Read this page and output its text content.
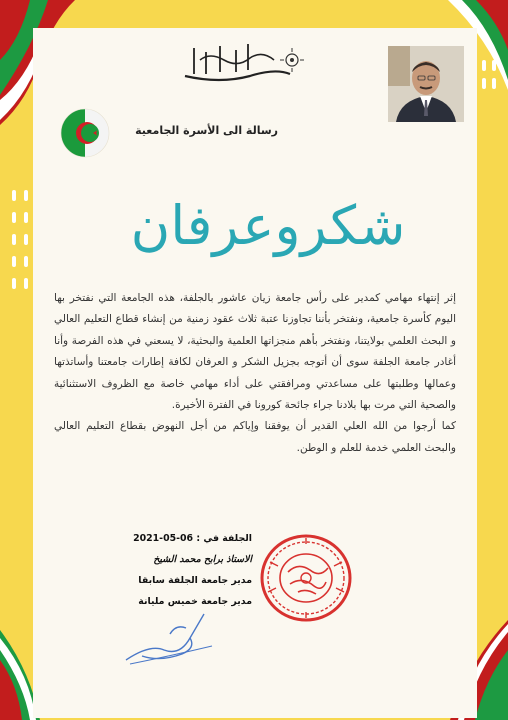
رسالة الى الأسرة الجامعية
شكروعرفان

إثر إنتهاء مهامي كمدير على رأس جامعة زيان عاشور بالجلفة، هذه الجامعة التي نفتخر بها اليوم كأسرة جامعية، ونفتخر بأننا تجاوزنا عتبة ثلاث عقود زمنية من إنشاء قطاع التعليم العالي و البحث العلمي بولايتنا، ونفتخر بأهم منجزاتها العلمية والبحثية، لا يسعني في هذه الفرصة وأنا أغادر جامعة الجلفة سوى أن أتوجه بجزيل الشكر و العرفان لكافة إطارات جامعتنا وأساتذتها وعمالها وطلبتها على مساعدتي ومرافقتي على أداء مهامي خاصة مع الظروف الاستثنائية والصحية التي مرت بها بلادنا جراء جائحة كورونا في الفترة الأخيرة.

كما أرجوا من الله العلي القدير أن يوفقنا وإياكم من أجل النهوض بقطاع التعليم العالي والبحث العلمي خدمة للعلم و الوطن.

الجلفة في : 06-05-2021
الاستاذ برابح محمد الشيخ
مدير جامعة الجلفة سابقا
مدير جامعة خميس مليانة
